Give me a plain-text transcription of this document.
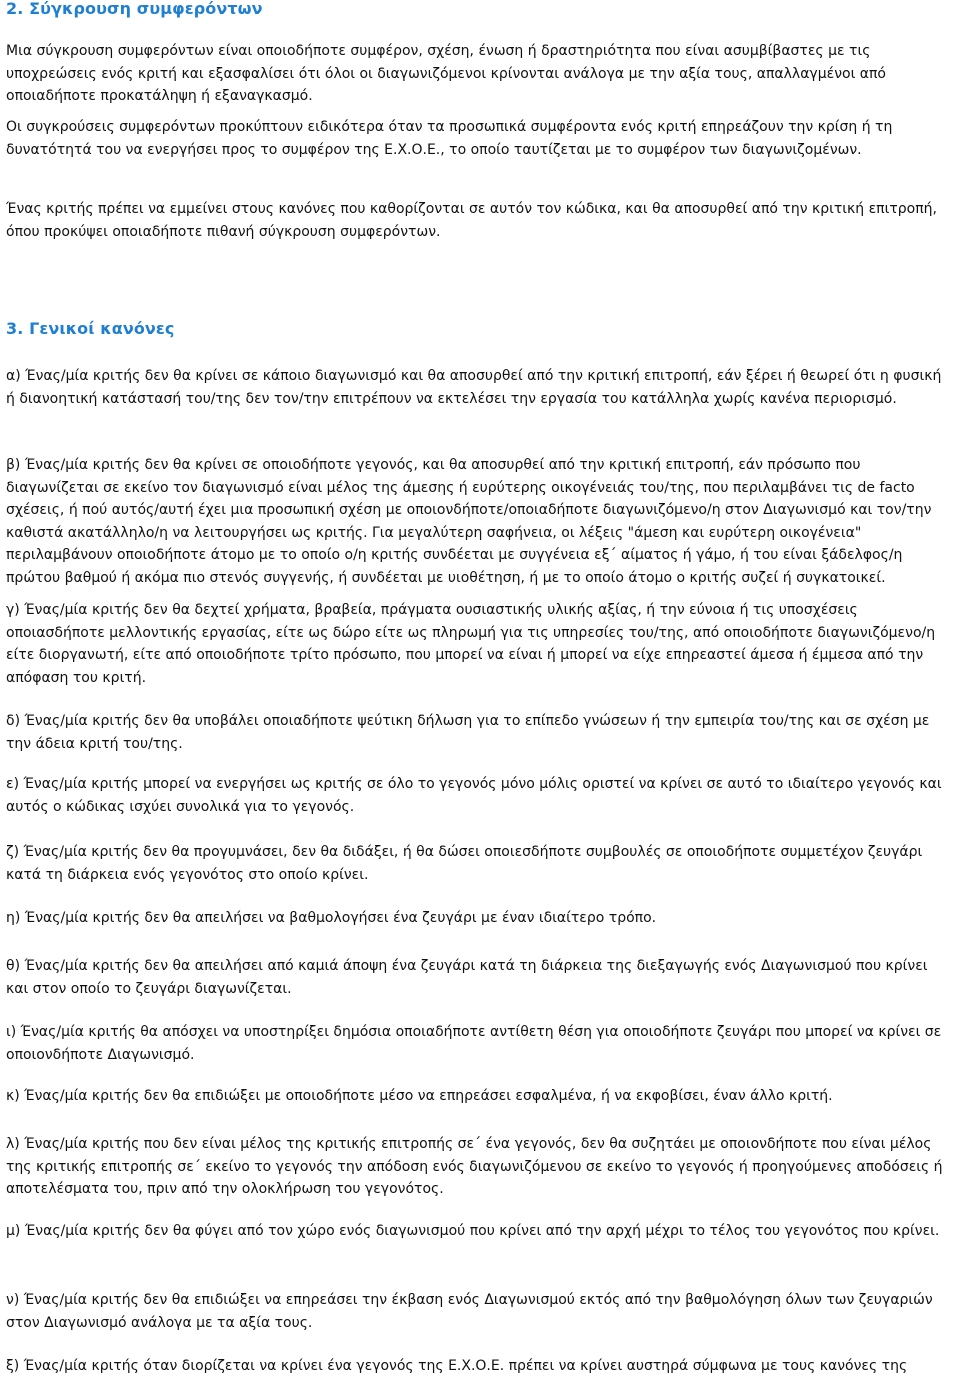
2. Σύγκρουση συμφερόντων

Μια σύγκρουση συμφερόντων είναι οποιοδήποτε συμφέρον, σχέση, ένωση ή δραστηριότητα που είναι ασυμβίβαστες με τις υποχρεώσεις ενός κριτή και εξασφαλίσει ότι όλοι οι διαγωνιζόμενοι κρίνονται ανάλογα με την αξία τους, απαλλαγμένοι από οποιαδήποτε προκατάληψη ή εξαναγκασμό.

Οι συγκρούσεις συμφερόντων προκύπτουν ειδικότερα όταν τα προσωπικά συμφέροντα ενός κριτή επηρεάζουν την κρίση ή τη δυνατότητά του να ενεργήσει προς το συμφέρον της Ε.Χ.Ο.Ε., το οποίο ταυτίζεται με το συμφέρον των διαγωνιζομένων.

Ένας κριτής πρέπει να εμμείνει στους κανόνες που καθορίζονται σε αυτόν τον κώδικα, και θα αποσυρθεί από την κριτική επιτροπή, όπου προκύψει οποιαδήποτε πιθανή σύγκρουση συμφερόντων.

3. Γενικοί κανόνες

α) Ένας/μία κριτής δεν θα κρίνει σε κάποιο διαγωνισμό και θα αποσυρθεί από την κριτική επιτροπή, εάν ξέρει ή θεωρεί ότι η φυσική ή διανοητική κατάστασή του/της δεν τον/την επιτρέπουν να εκτελέσει την εργασία του κατάλληλα χωρίς κανένα περιορισμό.

β) Ένας/μία κριτής δεν θα κρίνει σε οποιοδήποτε γεγονός, και θα αποσυρθεί από την κριτική επιτροπή, εάν πρόσωπο που διαγωνίζεται σε εκείνο τον διαγωνισμό είναι μέλος της άμεσης ή ευρύτερης οικογένειάς του/της, που περιλαμβάνει τις de facto σχέσεις, ή πού αυτός/αυτή έχει μια προσωπική σχέση με οποιονδήποτε/οποιαδήποτε διαγωνιζόμενο/η στον Διαγωνισμό και τον/την καθιστά ακατάλληλο/η να λειτουργήσει ως κριτής. Για μεγαλύτερη σαφήνεια, οι λέξεις "άμεση και ευρύτερη οικογένεια" περιλαμβάνουν οποιοδήποτε άτομο με το οποίο ο/η κριτής συνδέεται με συγγένεια εξ΄ αίματος ή γάμο, ή του είναι ξάδελφος/η πρώτου βαθμού ή ακόμα πιο στενός συγγενής, ή συνδέεται με υιοθέτηση, ή με το οποίο άτομο ο κριτής συζεί ή συγκατοικεί.

γ) Ένας/μία κριτής δεν θα δεχτεί χρήματα, βραβεία, πράγματα ουσιαστικής υλικής αξίας, ή την εύνοια ή τις υποσχέσεις οποιασδήποτε μελλοντικής εργασίας, είτε ως δώρο είτε ως πληρωμή για τις υπηρεσίες του/της, από οποιοδήποτε διαγωνιζόμενο/η είτε διοργανωτή, είτε από οποιοδήποτε τρίτο πρόσωπο, που μπορεί να είναι ή μπορεί να είχε επηρεαστεί άμεσα ή έμμεσα από την απόφαση του κριτή.

δ) Ένας/μία κριτής δεν θα υποβάλει οποιαδήποτε ψεύτικη δήλωση για το επίπεδο γνώσεων ή την εμπειρία του/της και σε σχέση με την άδεια κριτή του/της.

ε) Ένας/μία κριτής μπορεί να ενεργήσει ως κριτής σε όλο το γεγονός μόνο μόλις οριστεί να κρίνει σε αυτό το ιδιαίτερο γεγονός και αυτός ο κώδικας ισχύει συνολικά για το γεγονός.

ζ) Ένας/μία κριτής δεν θα προγυμνάσει, δεν θα διδάξει, ή θα δώσει οποιεσδήποτε συμβουλές σε οποιοδήποτε συμμετέχον ζευγάρι κατά τη διάρκεια ενός γεγονότος στο οποίο κρίνει.

η) Ένας/μία κριτής δεν θα απειλήσει να βαθμολογήσει ένα ζευγάρι με έναν ιδιαίτερο τρόπο.

θ) Ένας/μία κριτής δεν θα απειλήσει από καμιά άποψη ένα ζευγάρι κατά τη διάρκεια της διεξαγωγής ενός Διαγωνισμού που κρίνει και στον οποίο το ζευγάρι διαγωνίζεται.

ι) Ένας/μία κριτής θα απόσχει να υποστηρίξει δημόσια οποιαδήποτε αντίθετη θέση για οποιοδήποτε ζευγάρι που μπορεί να κρίνει σε οποιονδήποτε Διαγωνισμό.

κ) Ένας/μία κριτής δεν θα επιδιώξει με οποιοδήποτε μέσο να επηρεάσει εσφαλμένα, ή να εκφοβίσει, έναν άλλο κριτή.

λ) Ένας/μία κριτής που δεν είναι μέλος της κριτικής επιτροπής σε΄ ένα γεγονός, δεν θα συζητάει με οποιονδήποτε που είναι μέλος της κριτικής επιτροπής σε΄ εκείνο το γεγονός την απόδοση ενός διαγωνιζόμενου σε εκείνο το γεγονός ή προηγούμενες αποδόσεις ή αποτελέσματα του, πριν από την ολοκλήρωση του γεγονότος.

μ) Ένας/μία κριτής δεν θα φύγει από τον χώρο ενός διαγωνισμού που κρίνει από την αρχή μέχρι το τέλος του γεγονότος που κρίνει.

ν) Ένας/μία κριτής δεν θα επιδιώξει να επηρεάσει την έκβαση ενός Διαγωνισμού εκτός από την βαθμολόγηση όλων των ζευγαριών στον Διαγωνισμό ανάλογα με τα αξία τους.

ξ) Ένας/μία κριτής όταν διορίζεται να κρίνει ένα γεγονός της Ε.Χ.Ο.Ε. πρέπει να κρίνει αυστηρά σύμφωνα με τους κανόνες της
